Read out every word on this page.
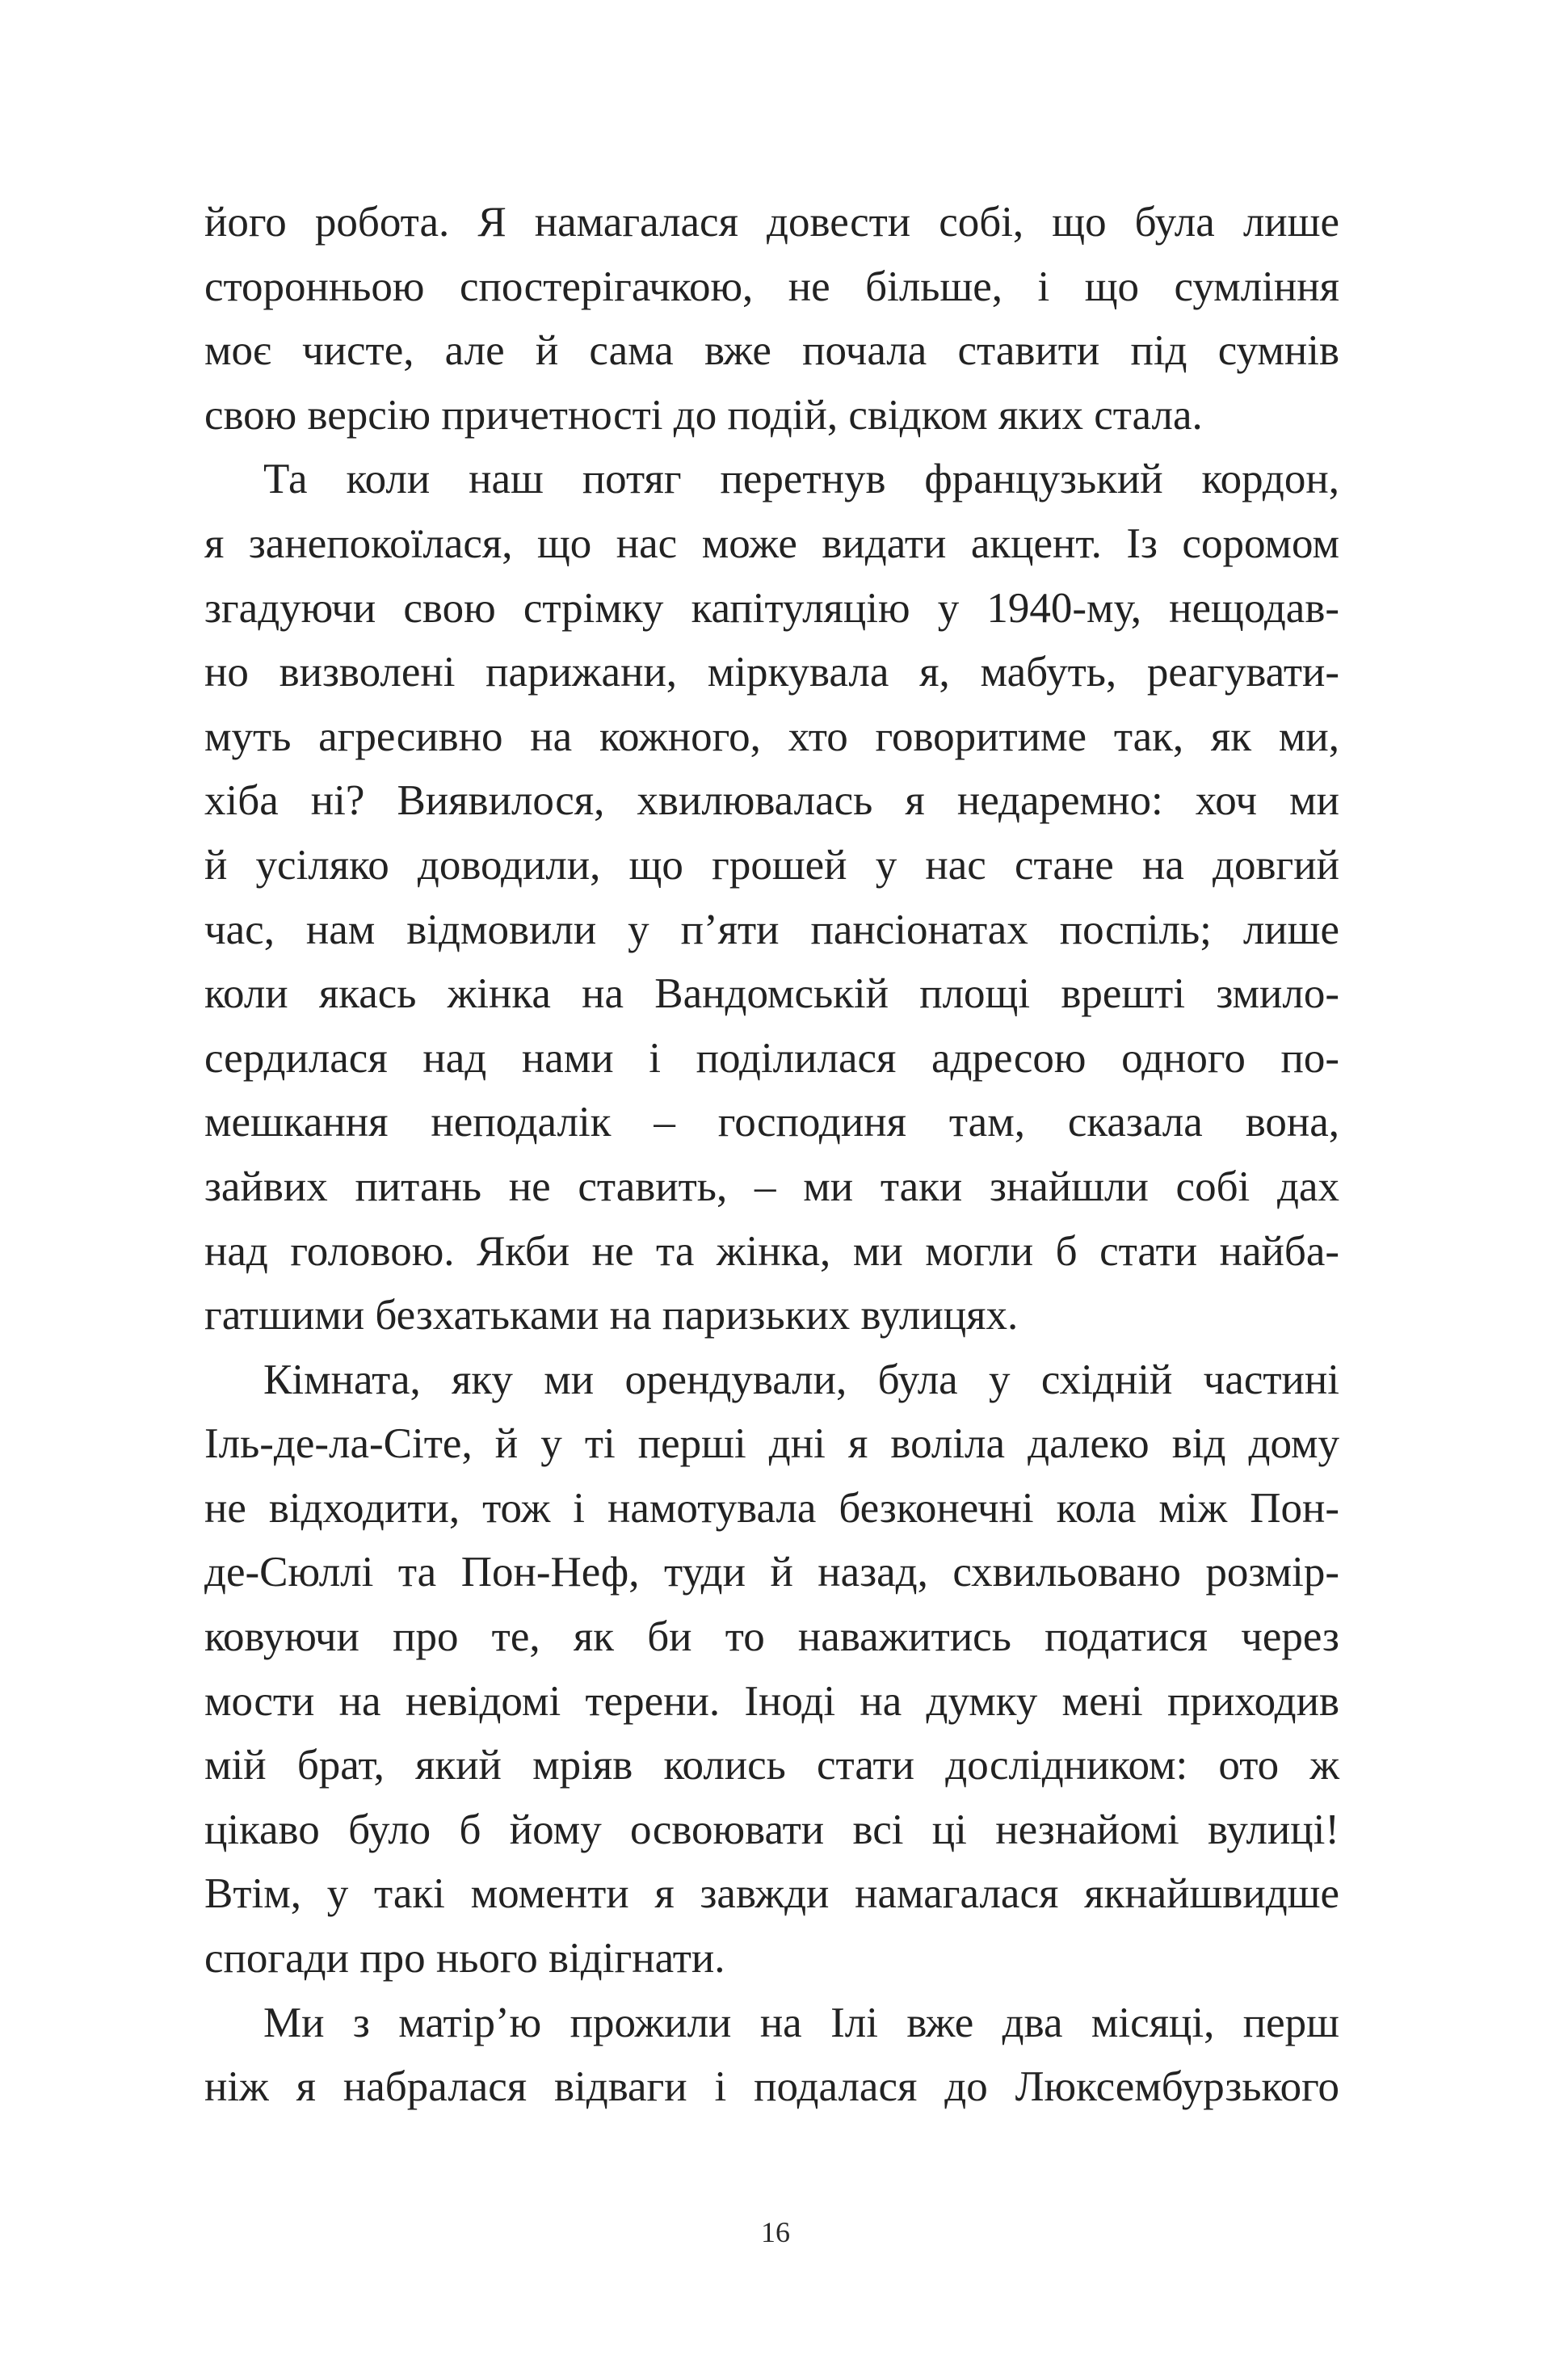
його робота. Я намагалася довести собі, що була лише
сторонньою спостерігачкою, не більше, і що сумління
моє чисте, але й сама вже почала ставити під сумнів
свою версію причетності до подій, свідком яких стала.
Та коли наш потяг перетнув французький кордон,
я занепокоїлася, що нас може видати акцент. Із соромом
згадуючи свою стрімку капітуляцію у 1940-му, нещодав-
но визволені парижани, міркувала я, мабуть, реагувати-
муть агресивно на кожного, хто говоритиме так, як ми,
хіба ні? Виявилося, хвилювалась я недаремно: хоч ми
й усіляко доводили, що грошей у нас стане на довгий
час, нам відмовили у п’яти пансіонатах поспіль; лише
коли якась жінка на Вандомській площі врешті змило-
сердилася над нами і поділилася адресою одного по-
мешкання неподалік – господиня там, сказала вона,
зайвих питань не ставить, – ми таки знайшли собі дах
над головою. Якби не та жінка, ми могли б стати найба-
гатшими безхатьками на паризьких вулицях.
Кімната, яку ми орендували, була у східній частині
Іль-де-ла-Сіте, й у ті перші дні я воліла далеко від дому
не відходити, тож і намотувала безконечні кола між Пон-
де-Сюллі та Пон-Неф, туди й назад, схвильовано розмір-
ковуючи про те, як би то наважитись податися через
мости на невідомі терени. Іноді на думку мені приходив
мій брат, який мріяв колись стати дослідником: ото ж
цікаво було б йому освоювати всі ці незнайомі вулиці!
Втім, у такі моменти я завжди намагалася якнайшвидше
спогади про нього відігнати.
Ми з матір’ю прожили на Ілі вже два місяці, перш
ніж я набралася відваги і подалася до Люксембурзького
16
